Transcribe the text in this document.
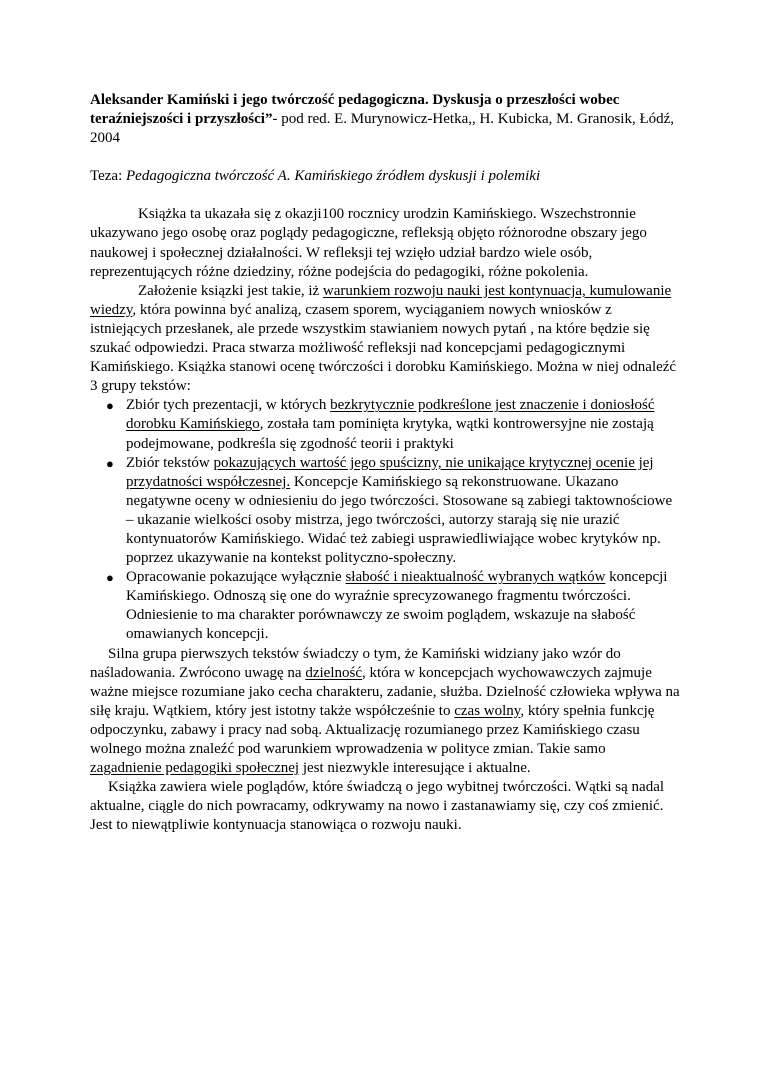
Aleksander Kamiński i jego twórczość pedagogiczna. Dyskusja o przeszłości wobec teraźniejszości i przyszłości”- pod red. E. Murynowicz-Hetka,, H. Kubicka, M. Granosik, Łódź, 2004

Teza: Pedagogiczna twórczość A. Kamińskiego źródłem dyskusji i polemiki

Książka ta ukazała się z okazji100 rocznicy urodzin Kamińskiego. Wszechstronnie ukazywano jego osobę oraz poglądy pedagogiczne, refleksją objęto różnorodne obszary jego naukowej i społecznej działalności. W refleksji tej wzięło udział bardzo wiele osób, reprezentujących różne dziedziny, różne podejścia do pedagogiki, różne pokolenia.

Założenie ksiązki jest takie, iż warunkiem rozwoju nauki jest kontynuacja, kumulowanie wiedzy, która powinna być analizą, czasem sporem, wyciąganiem nowych wniosków z istniejących przesłanek, ale przede wszystkim stawianiem nowych pytań , na które będzie się szukać odpowiedzi. Praca stwarza możliwość refleksji nad koncepcjami pedagogicznymi Kamińskiego. Książka stanowi ocenę twórczości i dorobku Kamińskiego. Można w niej odnaleźć 3 grupy tekstów:

● Zbiór tych prezentacji, w których bezkrytycznie podkreślone jest znaczenie i doniosłość dorobku Kamińskiego, została tam pominięta krytyka, wątki kontrowersyjne nie zostają podejmowane, podkreśla się zgodność teorii i praktyki
● Zbiór tekstów pokazujących wartość jego spuścizny, nie unikające krytycznej ocenie jej przydatności współczesnej. Koncepcje Kamińskiego są rekonstruowane. Ukazano negatywne oceny w odniesieniu do jego twórczości. Stosowane są zabiegi taktownościowe – ukazanie wielkości osoby mistrza, jego twórczości, autorzy starają się nie urazić kontynuatorów Kamińskiego. Widać też zabiegi usprawiedliwiające wobec krytyków np. poprzez ukazywanie na kontekst polityczno-społeczny.
● Opracowanie pokazujące wyłącznie słabość i nieaktualność wybranych wątków koncepcji Kamińskiego. Odnoszą się one do wyraźnie sprecyzowanego fragmentu twórczości. Odniesienie to ma charakter porównawczy ze swoim poglądem, wskazuje na słabość omawianych koncepcji.

Silna grupa pierwszych tekstów świadczy o tym, że Kamiński widziany jako wzór do naśladowania. Zwrócono uwagę na dzielność, która w koncepcjach wychowawczych zajmuje ważne miejsce rozumiane jako cecha charakteru, zadanie, służba. Dzielność człowieka wpływa na siłę kraju. Wątkiem, który jest istotny także współcześnie to czas wolny, który spełnia funkcję odpoczynku, zabawy i pracy nad sobą. Aktualizację rozumianego przez Kamińskiego czasu wolnego można znaleźć pod warunkiem wprowadzenia w polityce zmian. Takie samo zagadnienie pedagogiki społecznej jest niezwykle interesujące i aktualne.

Książka zawiera wiele poglądów, które świadczą o jego wybitnej twórczości. Wątki są nadal aktualne, ciągle do nich powracamy, odkrywamy na nowo i zastanawiamy się, czy coś zmienić. Jest to niewątpliwie kontynuacja stanowiąca o rozwoju nauki.
